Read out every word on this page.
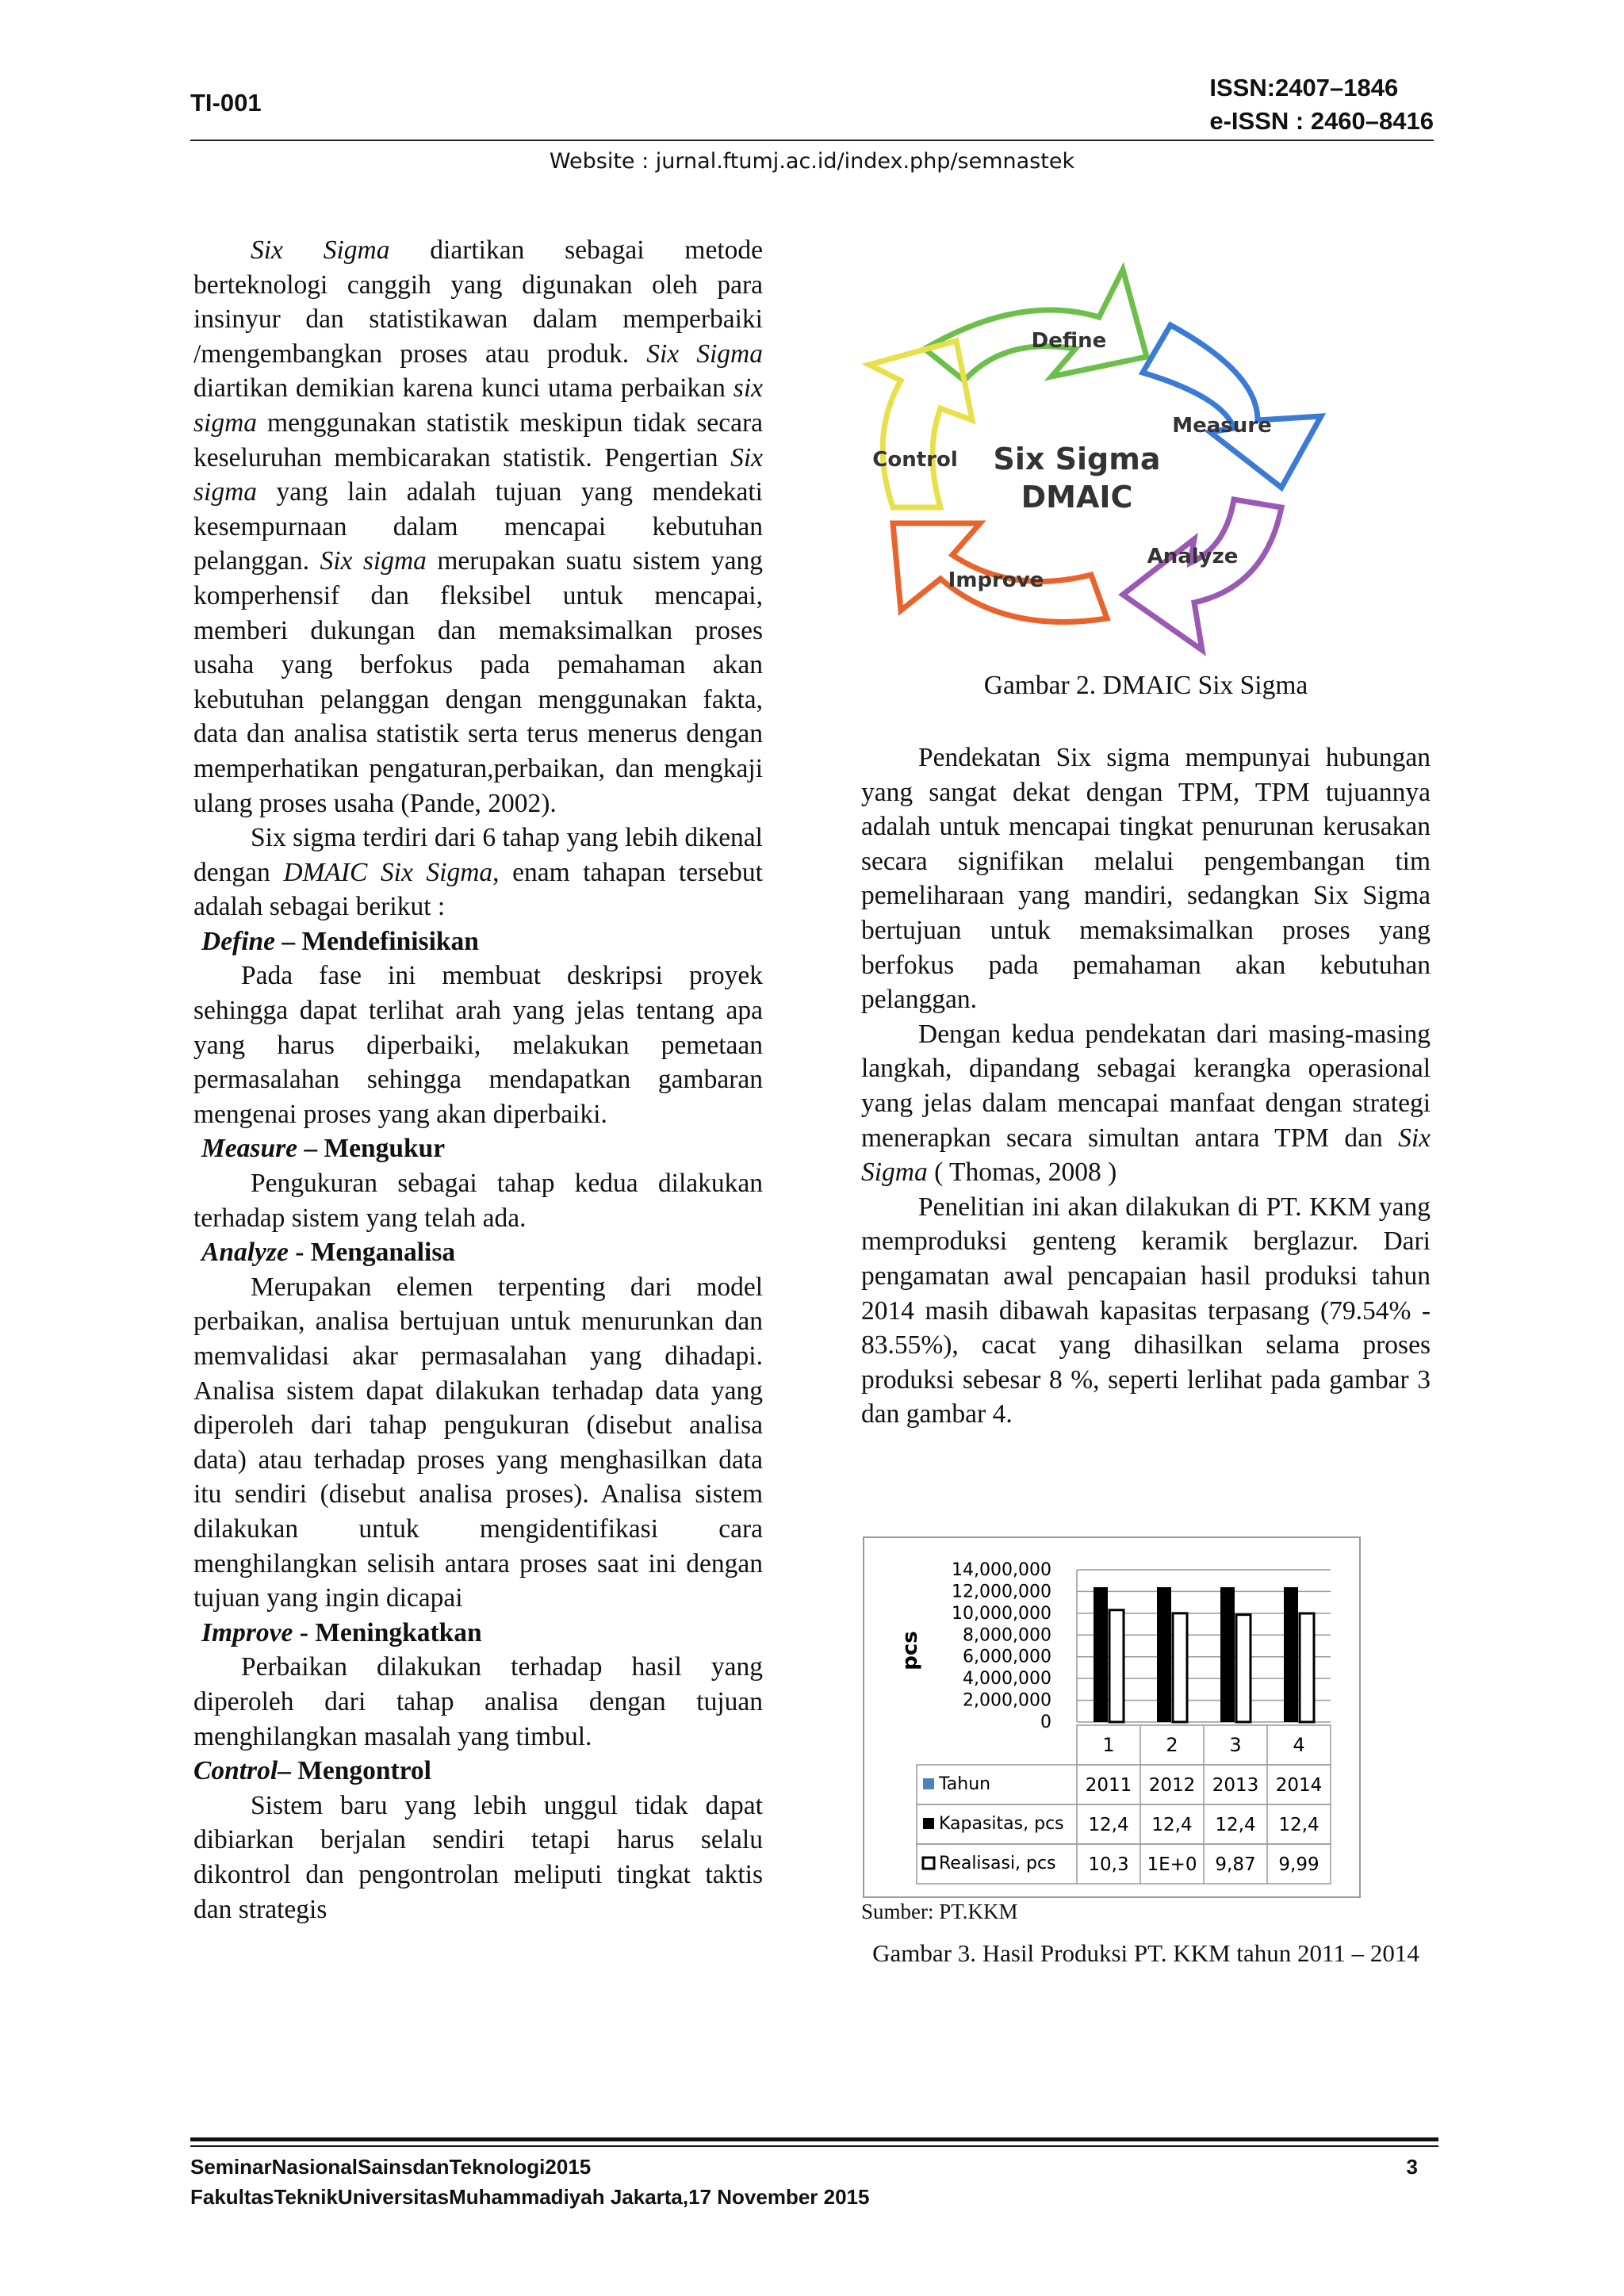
TI-001
ISSN:2407–1846
e-ISSN : 2460–8416
Website : jurnal.ftumj.ac.id/index.php/semnastek

Six Sigma diartikan sebagai metode berteknologi canggih yang digunakan oleh para insinyur dan statistikawan dalam memperbaiki /mengembangkan proses atau produk. Six Sigma diartikan demikian karena kunci utama perbaikan six sigma menggunakan statistik meskipun tidak secara keseluruhan membicarakan statistik. Pengertian Six sigma yang lain adalah tujuan yang mendekati kesempurnaan dalam mencapai kebutuhan pelanggan. Six sigma merupakan suatu sistem yang komperhensif dan fleksibel untuk mencapai, memberi dukungan dan memaksimalkan proses usaha yang berfokus pada pemahaman akan kebutuhan pelanggan dengan menggunakan fakta, data dan analisa statistik serta terus menerus dengan memperhatikan pengaturan,perbaikan, dan mengkaji ulang proses usaha (Pande, 2002).

Six sigma terdiri dari 6 tahap yang lebih dikenal dengan DMAIC Six Sigma, enam tahapan tersebut adalah sebagai berikut :

Define – Mendefinisikan

Pada fase ini membuat deskripsi proyek sehingga dapat terlihat arah yang jelas tentang apa yang harus diperbaiki, melakukan pemetaan permasalahan sehingga mendapatkan gambaran mengenai proses yang akan diperbaiki.

Measure – Mengukur

Pengukuran sebagai tahap kedua dilakukan terhadap sistem yang telah ada.

Analyze - Menganalisa

Merupakan elemen terpenting dari model perbaikan, analisa bertujuan untuk menurunkan dan memvalidasi akar permasalahan yang dihadapi. Analisa sistem dapat dilakukan terhadap data yang diperoleh dari tahap pengukuran (disebut analisa data) atau terhadap proses yang menghasilkan data itu sendiri (disebut analisa proses). Analisa sistem dilakukan untuk mengidentifikasi cara menghilangkan selisih antara proses saat ini dengan tujuan yang ingin dicapai

Improve - Meningkatkan

Perbaikan dilakukan terhadap hasil yang diperoleh dari tahap analisa dengan tujuan menghilangkan masalah yang timbul.

Control– Mengontrol

Sistem baru yang lebih unggul tidak dapat dibiarkan berjalan sendiri tetapi harus selalu dikontrol dan pengontrolan meliputi tingkat taktis dan strategis

Define
Measure
Analyze
Improve
Control Six Sigma
DMAIC
Gambar 2. DMAIC Six Sigma

Pendekatan Six sigma mempunyai hubungan yang sangat dekat dengan TPM, TPM tujuannya adalah untuk mencapai tingkat penurunan kerusakan secara signifikan melalui pengembangan tim pemeliharaan yang mandiri, sedangkan Six Sigma bertujuan untuk memaksimalkan proses yang berfokus pada pemahaman akan kebutuhan pelanggan.

Dengan kedua pendekatan dari masing-masing langkah, dipandang sebagai kerangka operasional yang jelas dalam mencapai manfaat dengan strategi menerapkan secara simultan antara TPM dan Six Sigma ( Thomas, 2008 )

Penelitian ini akan dilakukan di PT. KKM yang memproduksi genteng keramik berglazur. Dari pengamatan awal pencapaian hasil produksi tahun 2014 masih dibawah kapasitas terpasang (79.54% - 83.55%), cacat yang dihasilkan selama proses produksi sebesar 8 %, seperti lerlihat pada gambar 3 dan gambar 4.

14,000,000
12,000,000
10,000,000
8,000,000
6,000,000
4,000,000
2,000,000
0
1	2	3	4
Tahun	2011 2012 2013 2014
Kapasitas, pcs 12,4 12,4 12,4 12,4
Realisasi, pcs 10,3 1E+0 9,87 9,99
pcs
Sumber: PT.KKM
Gambar 3. Hasil Produksi PT. KKM tahun 2011 – 2014
SeminarNasionalSainsdanTeknologi2015
FakultasTeknikUniversitasMuhammadiyah Jakarta,17 November 2015
3
